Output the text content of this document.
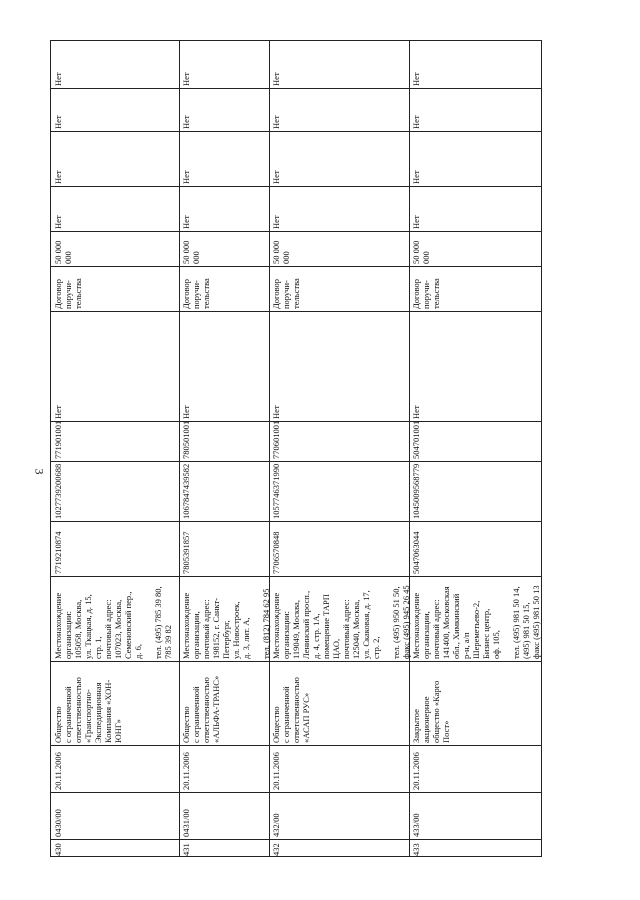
3
430
0430/00
20.11.2006
Общество
с ограниченной
ответственностью
«Транспортно-
Экспедиционная
Компания «ХОН-
ЮНГ»
Местонахождение
организации:
105058, Москва,
ул. Ткацкая, д. 15,
стр. 1,
почтовый адрес:
107023, Москва,
Семеновский пер.,
д. 6,

тел. (495) 785 39 80,
785 39 82
7719210874
1027739200688
771901001
Нет
Договор
поручи-
тельства
50 000 000
Нет
Нет
Нет
Нет
431
0431/00
20.11.2006
Общество
с ограниченной
ответственностью
«АЛЬФА-ТРАНС»
Местонахождение
организации,
почтовый адрес:
198152, г. Санкт-
Петербург,
ул. Новостроек,
д. 3, лит. А,

тел. (812) 784 62 95
7805391857
1067847439582
780501001
Нет
Договор
поручи-
тельства
50 000 000
Нет
Нет
Нет
Нет
432
432/00
20.11.2006
Общество
с ограниченной
ответственностью
«АСАП РУС»
Местонахождение
организации:
119049, Москва,
Ленинский просп.,
д. 4, стр. 1А,
помещение ТАРП
ЦАО,
почтовый адрес:
125040, Москва,
ул. Скаковая, д. 17,
стр. 2,

тел. (495) 950 51 50,
факс (495) 945 26 45
7706570848
1057746371990
770601001
Нет
Договор
поручи-
тельства
50 000 000
Нет
Нет
Нет
Нет
433
433/00
20.11.2006
Закрытое
акционерное
общество «Карго
Пост»
Местонахождение
организации,
почтовый адрес:
141400, Московская
обл., Химкинский
р-н, а/п
Шереметьево-2,
Бизнес центр,
оф. 105,

тел. (495) 981 50 14,
(495) 981 50 15,
факс (495) 981 50 13
5047063044
1045009568779
504701001
Нет
Договор
поручи-
тельства
50 000 000
Нет
Нет
Нет
Нет
